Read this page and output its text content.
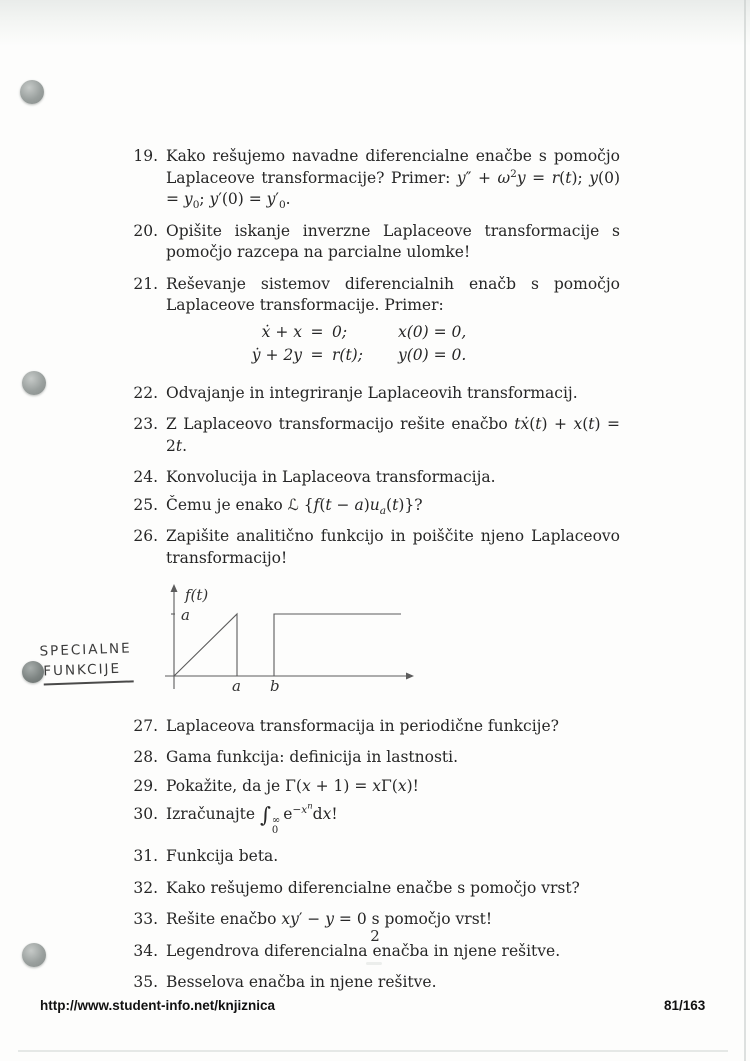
SPECIALNE
FUNKCIJE
19. Kako rešujemo navadne diferencialne enačbe s pomočjo Laplaceove transformacije? Primer: $y'' + \omega^2y = r(t)$; $y(0) = y_0$; $y'(0) = y'_0$.
20. Opišite iskanje inverzne Laplaceove transformacije s pomočjo razcepa na parcialne ulomke!
21. Reševanje sistemov diferencialnih enačb s pomočjo Laplaceove transformacije. Primer:
ẋ + x = 0;	x(0) = 0,
ẏ + 2y = r(t);	y(0) = 0.
22. Odvajanje in integriranje Laplaceovih transformacij.
23. Z Laplaceovo transformacijo rešite enačbo tẋ(t) + x(t) = 2t.
24. Konvolucija in Laplaceova transformacija.
25. Čemu je enako ℒ $\{f(t - a)u_a(t)\}$?
26. Zapišite analitično funkcijo in poiščite njeno Laplaceovo transformacijo!
f(t)
a
a b
27. Laplaceova transformacija in periodične funkcije?
28. Gama funkcija: definicija in lastnosti.
29. Pokažite, da je Γ(x + 1) = xΓ(x)!
30. Izračunajte ∫ ∞
0
$e^{-x^n}dx$!
31. Funkcija beta.
32. Kako rešujemo diferencialne enačbe s pomočjo vrst?
33. Rešite enačbo xy′ − y = 0 s pomočjo vrst!
34. Legendrova diferencialna enačba in njene rešitve.
35. Besselova enačba in njene rešitve.
2
http://www.student-info.net/knjiznica	81/163
